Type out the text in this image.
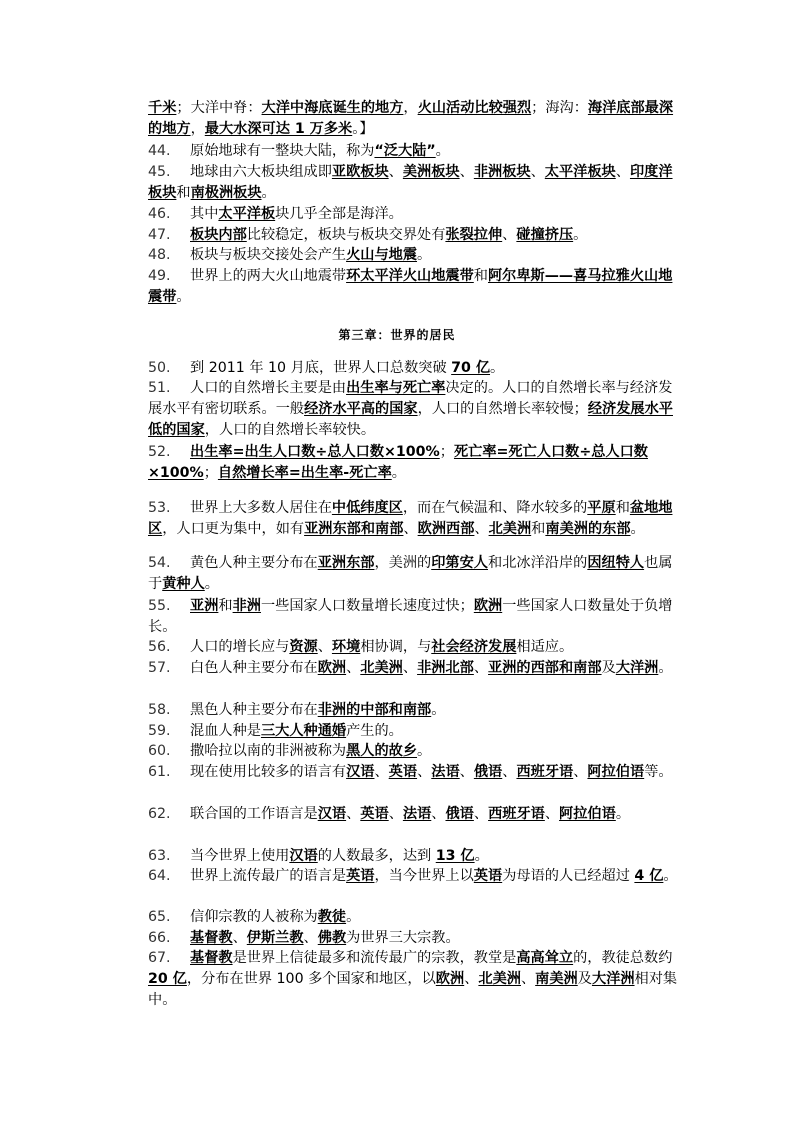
千米；大洋中脊：大洋中海底诞生的地方，火山活动比较强烈；海沟：海洋底部最深的地方，最大水深可达 1 万多米。】
44. 原始地球有一整块大陆，称为“泛大陆”。
45. 地球由六大板块组成即亚欧板块、美洲板块、非洲板块、太平洋板块、印度洋板块和南极洲板块。
46. 其中太平洋板块几乎全部是海洋。
47. 板块内部比较稳定，板块与板块交界处有张裂拉伸、碰撞挤压。
48. 板块与板块交接处会产生火山与地震。
49. 世界上的两大火山地震带环太平洋火山地震带和阿尔卑斯——喜马拉雅火山地震带。
第三章：世界的居民
50. 到 2011 年 10 月底，世界人口总数突破 70 亿。
51. 人口的自然增长主要是由出生率与死亡率决定的。人口的自然增长率与经济发展水平有密切联系。一般经济水平高的国家，人口的自然增长率较慢；经济发展水平低的国家，人口的自然增长率较快。
52. 出生率=出生人口数÷总人口数×100%；死亡率=死亡人口数÷总人口数×100%；自然增长率=出生率-死亡率。
53. 世界上大多数人居住在中低纬度区，而在气候温和、降水较多的平原和盆地地区，人口更为集中，如有亚洲东部和南部、欧洲西部、北美洲和南美洲的东部。
54. 黄色人种主要分布在亚洲东部，美洲的印第安人和北冰洋沿岸的因纽特人也属于黄种人。
55. 亚洲和非洲一些国家人口数量增长速度过快；欧洲一些国家人口数量处于负增长。
56. 人口的增长应与资源、环境相协调，与社会经济发展相适应。
57. 白色人种主要分布在欧洲、北美洲、非洲北部、亚洲的西部和南部及大洋洲。
58. 黑色人种主要分布在非洲的中部和南部。
59. 混血人种是三大人种通婚产生的。
60. 撒哈拉以南的非洲被称为黑人的故乡。
61. 现在使用比较多的语言有汉语、英语、法语、俄语、西班牙语、阿拉伯语等。
62. 联合国的工作语言是汉语、英语、法语、俄语、西班牙语、阿拉伯语。
63. 当今世界上使用汉语的人数最多，达到 13 亿。
64. 世界上流传最广的语言是英语，当今世界上以英语为母语的人已经超过 4 亿。
65. 信仰宗教的人被称为教徒。
66. 基督教、伊斯兰教、佛教为世界三大宗教。
67. 基督教是世界上信徒最多和流传最广的宗教，教堂是高高耸立的，教徒总数约 20 亿，分布在世界 100 多个国家和地区，以欧洲、北美洲、南美洲及大洋洲相对集中。
